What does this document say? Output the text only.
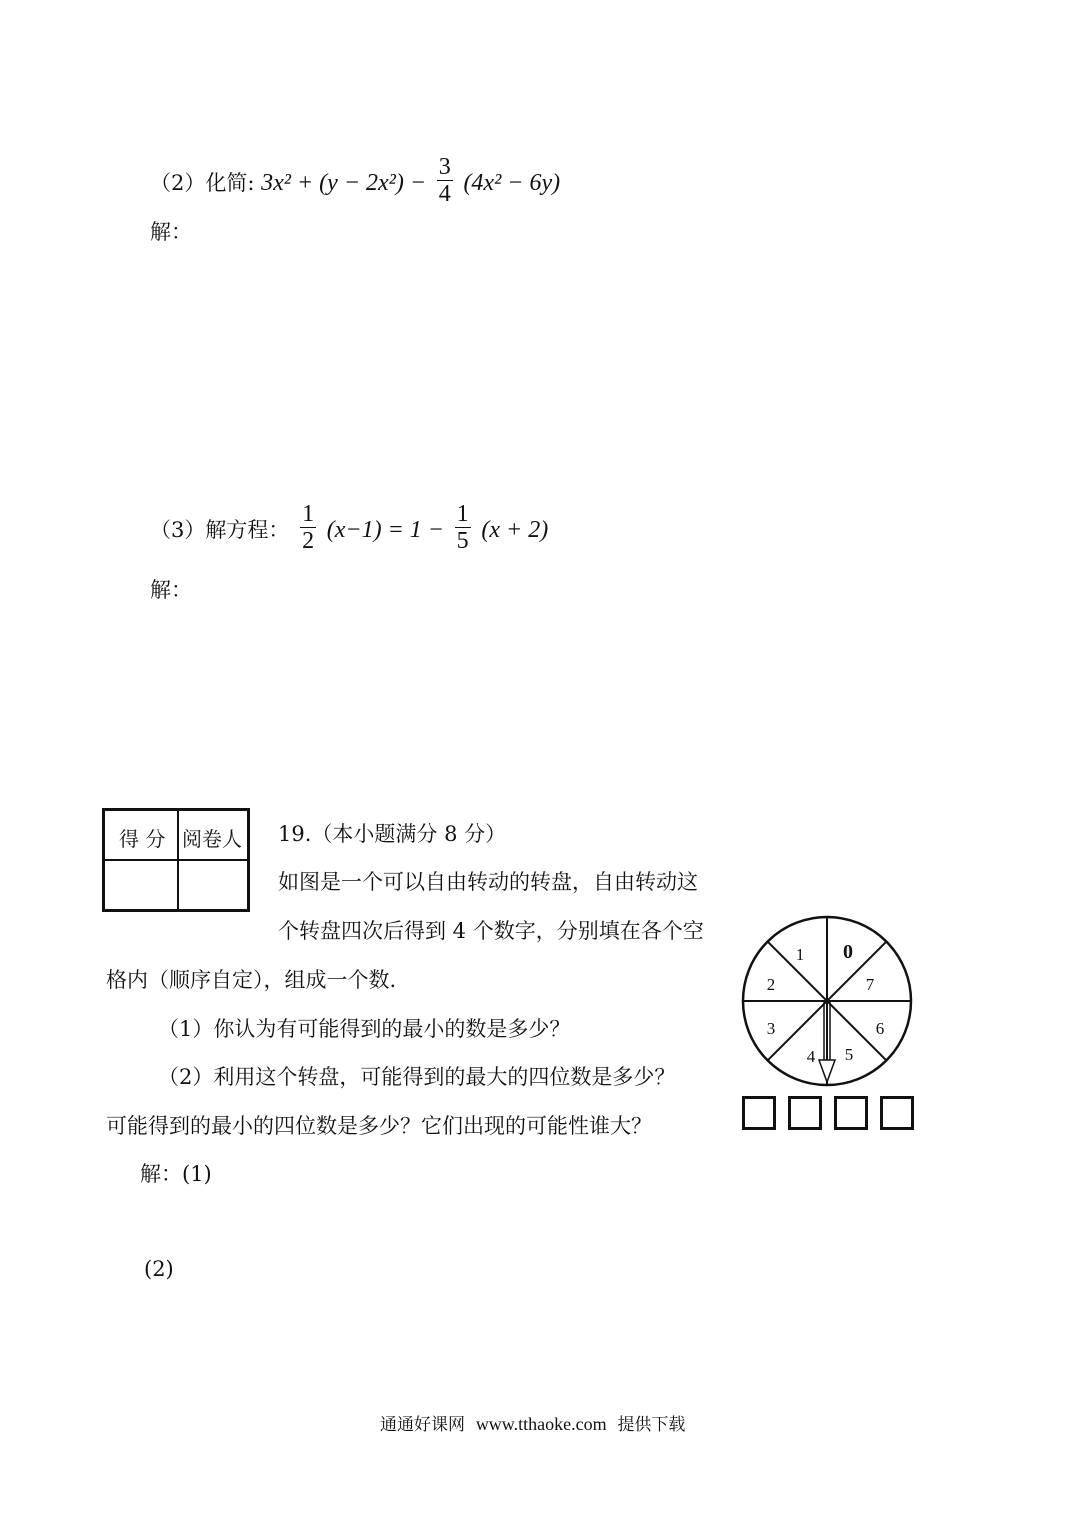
（2）化简: $3x^2 + (y - 2x^2) - \frac{3}{4} (4x^2 - 6y)$
解：
（3）解方程： $\frac{1}{2} (x-1) = 1 - \frac{1}{5} (x + 2)$
解：
得 分 阅卷人 19.（本小题满分 8 分）
如图是一个可以自由转动的转盘，自由转动这
个转盘四次后得到 4 个数字，分别填在各个空
格内（顺序自定），组成一个数.
（1）你认为有可能得到的最小的数是多少？
（2）利用这个转盘，可能得到的最大的四位数是多少？
可能得到的最小的四位数是多少？它们出现的可能性谁大？
解：(1)
(2)
0
7
6
5
4
3
2
1
通通好课网 www.tthaoke.com 提供下载
